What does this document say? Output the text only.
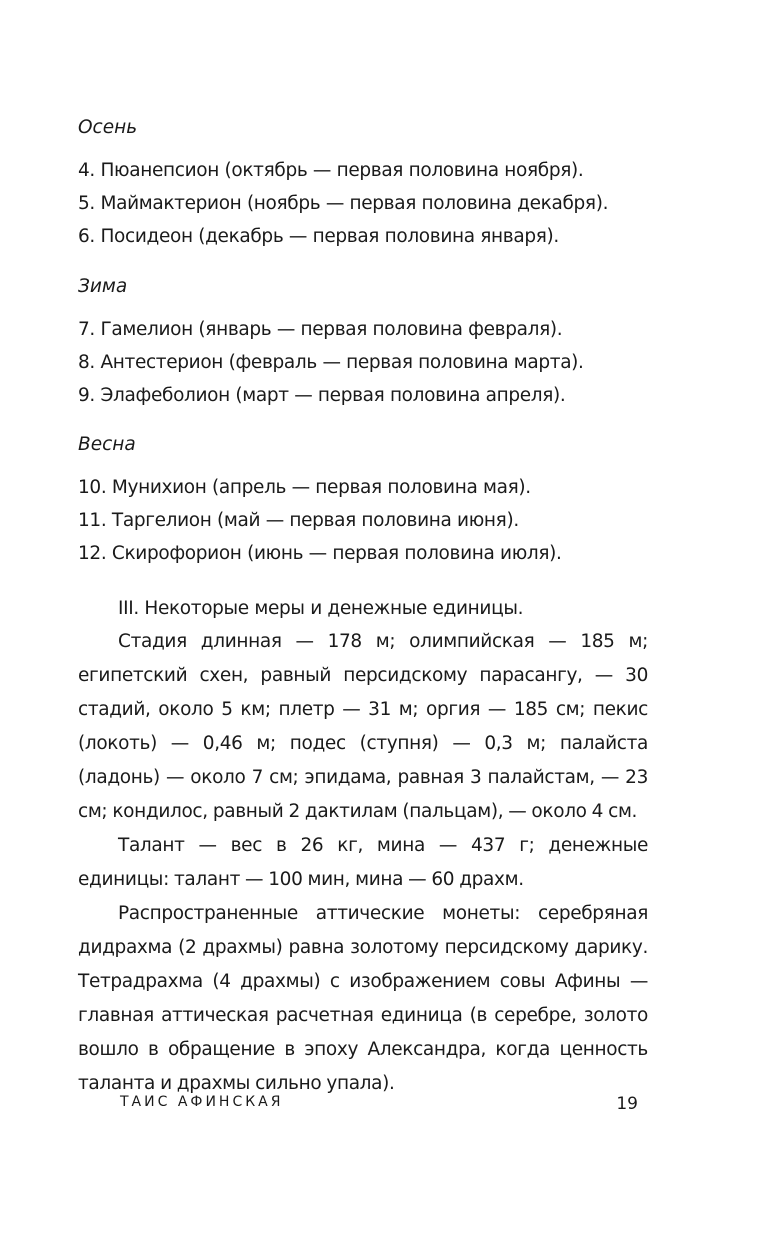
Осень

4. Пюанепсион (октябрь — первая половина ноября).

5. Маймактерион (ноябрь — первая половина декабря).

6. Посидеон (декабрь — первая половина января).

Зима

7. Гамелион (январь — первая половина февраля).

8. Антестерион (февраль — первая половина марта).

9. Элафеболион (март — первая половина апреля).

Весна

10. Мунихион (апрель — первая половина мая).

11. Таргелион (май — первая половина июня).

12. Скирофорион (июнь — первая половина июля).

III. Некоторые меры и денежные единицы.

Стадия длинная — 178 м; олимпийская — 185 м; египетский схен, равный персидскому парасангу, — 30 стадий, около 5 км; плетр — 31 м; оргия — 185 см; пекис (локоть) — 0,46 м; подес (ступня) — 0,3 м; палайста (ладонь) — около 7 см; эпидама, равная 3 палайстам, — 23 см; кондилос, равный 2 дактилам (пальцам), — около 4 см.

Талант — вес в 26 кг, мина — 437 г; денежные единицы: талант — 100 мин, мина — 60 драхм.

Распространенные аттические монеты: серебряная дидрахма (2 драхмы) равна золотому персидскому дарику. Тетрадрахма (4 драхмы) с изображением совы Афины — главная аттическая расчетная единица (в серебре, золото вошло в обращение в эпоху Александра, когда ценность таланта и драхмы сильно упала).

ТАИС АФИНСКАЯ	19
